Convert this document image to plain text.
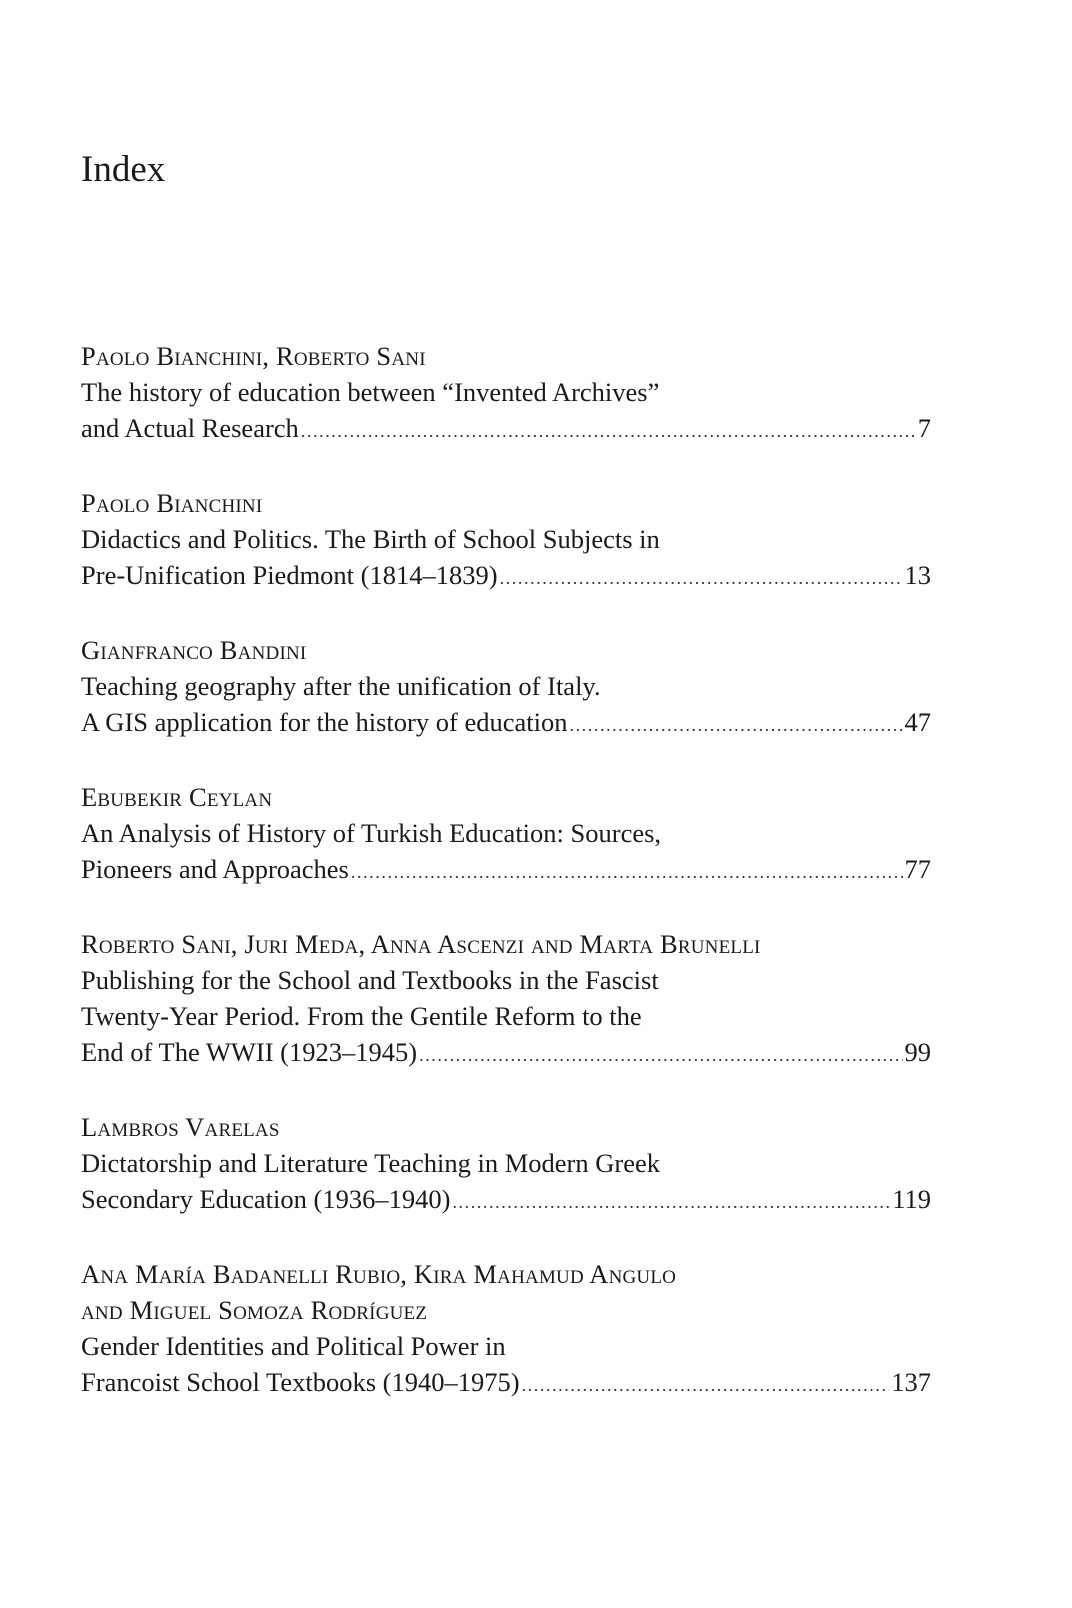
Index
Paolo Bianchini, Roberto Sani
The history of education between “Invented Archives”
and Actual Research .....	7
Paolo Bianchini
Didactics and Politics. The Birth of School Subjects in
Pre-Unification Piedmont (1814–1839) .....	13
Gianfranco Bandini
Teaching geography after the unification of Italy.
A GIS application for the history of education .....	47
Ebubekir Ceylan
An Analysis of History of Turkish Education: Sources,
Pioneers and Approaches .....	77
Roberto Sani, Juri Meda, Anna Ascenzi and Marta Brunelli
Publishing for the School and Textbooks in the Fascist
Twenty-Year Period. From the Gentile Reform to the
End of The WWII (1923–1945) .....	99
Lambros Varelas
Dictatorship and Literature Teaching in Modern Greek
Secondary Education (1936–1940) .....	119
Ana María Badanelli Rubio, Kira Mahamud Angulo
and Miguel Somoza Rodríguez
Gender Identities and Political Power in
Francoist School Textbooks (1940–1975) .....	137
